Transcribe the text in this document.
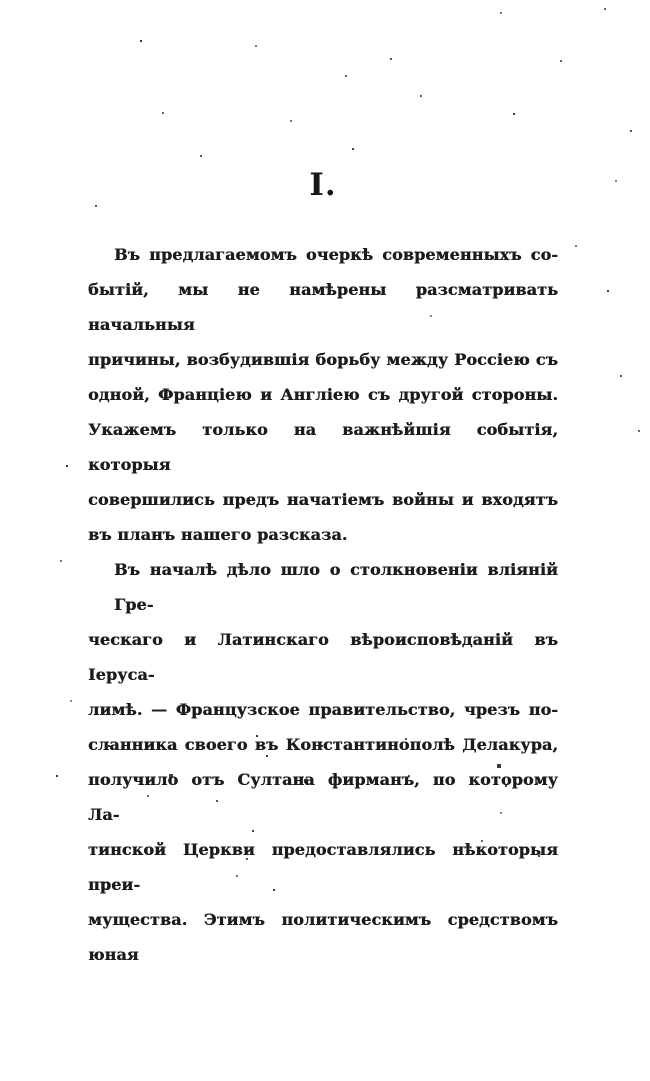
I.
Въ предлагаемомъ очеркѣ современныхъ со-
бытій, мы не намѣрены разсматривать начальныя
причины, возбудившія борьбу между Россіею съ
одной, Франціею и Англіею съ другой стороны.
Укажемъ только на важнѣйшія событія, которыя
совершились предъ начатіемъ войны и входятъ
въ планъ нашего разсказа.
Въ началѣ дѣло шло о столкновеніи вліяній Гре-
ческаго и Латинскаго вѣроисповѣданій въ Іеруса-
лимѣ. — Французское правительство, чрезъ по-
сланника своего въ Константинополѣ Делакура,
получило отъ Султана фирманъ, по которому Ла-
тинской Церкви предоставлялись нѣкоторыя преи-
мущества. Этимъ политическимъ средствомъ юная
